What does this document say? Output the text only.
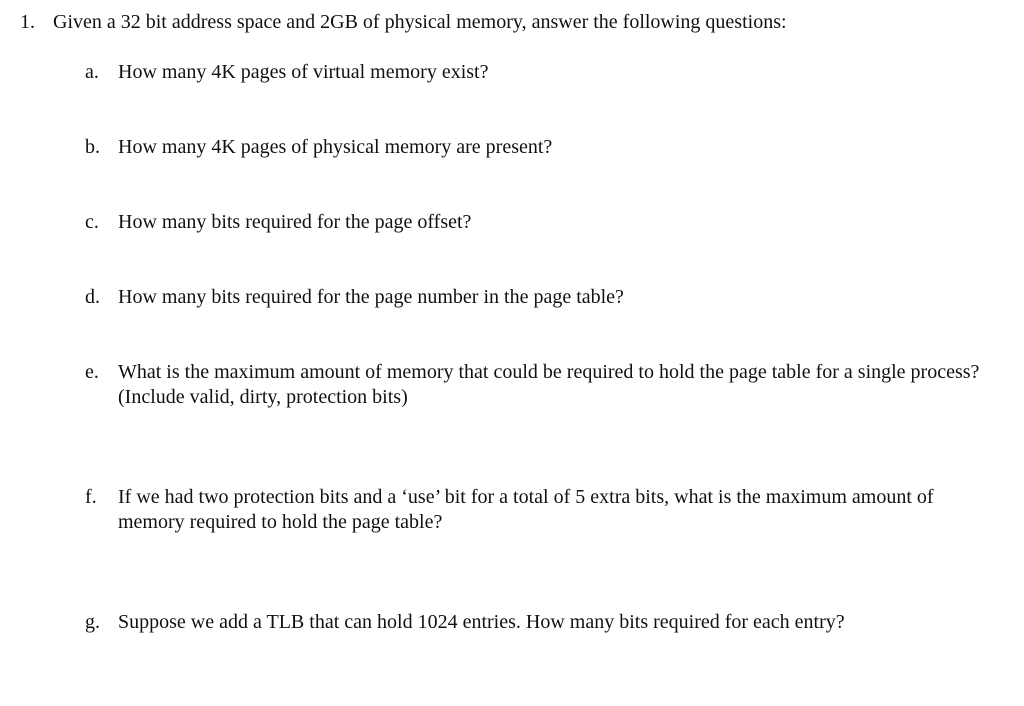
1. Given a 32 bit address space and 2GB of physical memory, answer the following questions:
a. How many 4K pages of virtual memory exist?
b. How many 4K pages of physical memory are present?
c. How many bits required for the page offset?
d. How many bits required for the page number in the page table?
e. What is the maximum amount of memory that could be required to hold the page table for a single process? (Include valid, dirty, protection bits)
f. If we had two protection bits and a ‘use’ bit for a total of 5 extra bits, what is the maximum amount of memory required to hold the page table?
g. Suppose we add a TLB that can hold 1024 entries. How many bits required for each entry?
